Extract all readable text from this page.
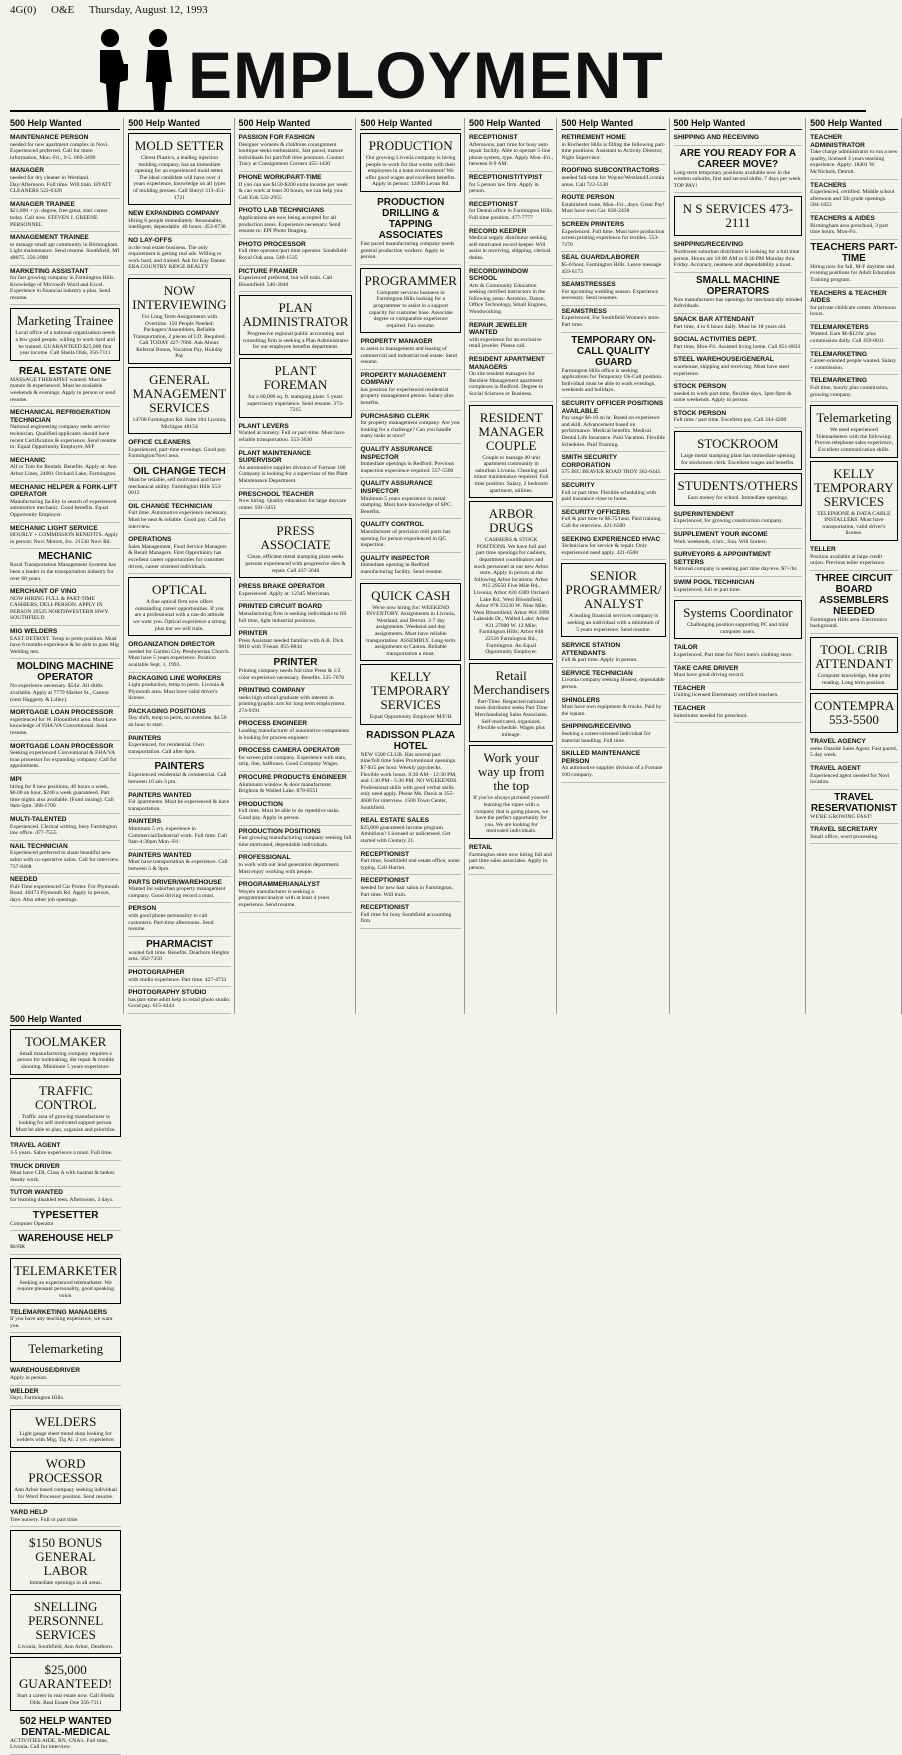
4G(0) O&E Thursday, August 12, 1993
EMPLOYMENT
500 Help Wanted
MAINTENANCE PERSON
needed for new apartment complex in Novi. Experienced preferred. Call for more information, Mon.-Fri., 9-5. 669-3490
MANAGER
needed for dry cleaner in Westland. Day/Afternoon. Full time. Will train. HYATT CLEANERS 522-0320
MANAGER TRAINEE
$21,000 + yr. degree, free great, start career today. Call now. STEVEN J. GREENE PERSONNEL
MANAGEMENT TRAINEE
to manage small apt community in Birmingham. Light maintenance. Send resume. Southfield, MI 48075. 356-2900
MARKETING ASSISTANT
for fast growing company in Farmington Hills. Knowledge of Microsoft Word and Excel. Experience in financial industry a plus. Send resume.
Marketing Trainee
Local office of a national organization needs a few good people, willing to work hard and be trained. GUARANTEED $25,000 first year income. Call Sheila Olds, 356-7111
REAL ESTATE ONE
MASSAGE THERAPIST wanted. Must be mature & experienced. Must be available weekends & evenings. Apply in person or send resume.
MECHANICAL REFRIGERATION TECHNICIAN
National engineering company seeks service technician. Qualified applicants should have recent Certification & experience. Send resume to: Equal Opportunity Employer, M/F
MECHANIC
Alf or Tom for Rentals. Benefits. Apply at: Ann Arbor Lines, 24001 Orchard Lake, Farmington.
MECHANIC HELPER & FORK-LIFT OPERATOR
Manufacturing facility in search of experienced automotive mechanic. Good benefits. Equal Opportunity Employer.
MECHANIC LIGHT SERVICE
HOURLY + COMMISSION BENEFITS. Apply in person: Novi Motors, Inc. 21530 Novi Rd.
MECHANIC
Rural Transportation Management Systems has been a leader in the transportation industry for over 60 years.
MERCHANT OF VINO
NOW HIRING FULL & PART-TIME CASHIERS, DELI-PERSON. APPLY IN PERSON 29525 NORTHWESTERN HWY. SOUTHFIELD
MIG WELDERS
EAST DETROIT. Temp to perm position. Must have 6 months experience & be able to pass Mig Welding test.
MOLDING MACHINE OPERATOR
No experience necessary. $5/hr. All shifts available. Apply at 7779 Market St., Canton (near Haggerty & Lilley).
MORTGAGE LOAN PROCESSOR
experienced for W. Bloomfield area. Must have knowledge of FHA/VA Conventional. Send resume.
MORTGAGE LOAN PROCESSOR
Seeking experienced Conventional & FHA/VA loan processor for expanding company. Call for appointment.
MPI
hiring for 8 new positions, 40 hours a week, $6.00 an hour, $240 a week guaranteed. Part time nights also available. (Fund raising). Call 9am-5pm. 360-1700
MULTI-TALENTED
Experienced. Clerical writing, busy Farmington law office. 477-7555
NAIL TECHNICIAN
Experienced preferred to share beautiful new salon with co-operative salon. Call for interview. 737-8468
NEEDED
Full-Time experienced Car Porter. For Plymouth Bond. 40473 Plymouth Rd. Apply in person, days. Also other job openings.
500 Help Wanted
MOLD SETTER
Chrest Plastics, a leading injection molding company, has an immediate opening for an experienced mold setter. The ideal candidate will have over 4 years experience, knowledge on all types of molding presses. Call Sheryl 313-451-1721
NEW EXPANDING COMPANY
Hiring 6 people immediately. Reasonable, intelligent, dependable. 40 hours. 453-6738
NO LAY-OFFS
in the real estate business. The only requirement is getting real ads. Willing to work hard, and trained. Ask for Kay Danne. ERA COUNTRY RIDGE REALTY
NOW INTERVIEWING
For Long Term Assignments with Overtime. 150 People Needed: Packagers/Assemblers, Reliable Transportation, 2 pieces of I.D. Required. Call TODAY 427-7660. Ask About: Referral Bonus, Vacation Pay, Holiday Pay
GENERAL MANAGEMENT SERVICES
14700 Farmington Rd. Suite 104 Livonia, Michigan 48154
OFFICE CLEANERS
Experienced, part-time evenings. Good pay. Farmington/Novi area.
OIL CHANGE TECH
Must be reliable, self motivated and have mechanical ability. Farmington Hills 553-0012
OIL CHANGE TECHNICIAN
Full time. Automotive experience necessary. Must be neat & reliable. Good pay. Call for interview.
OPERATIONS
Sales Management, Food Service Managers & Retail Managers. First Opportunity has excellent career opportunities for customer driven, career oriented individuals.
OPTICAL
A fine optical firm now offers outstanding career opportunities. If you are a professional with a can-do attitude we want you. Optical experience a strong plus but we will train.
ORGANIZATION DIRECTOR
needed for Garden City Presbyterian Church. Must have 5 years experience. Position available Sept. 1, 1993.
PACKAGING LINE WORKERS
Light production, temp to perm. Livonia & Plymouth area. Must have valid driver's license.
PACKAGING POSITIONS
Day shift, temp to perm, no overtime. $4.50 an hour to start.
PAINTERS
Experienced, for residential. Own transportation. Call after 6pm.
PAINTERS
Experienced residential & commercial. Call between 10 am-3 pm.
PAINTERS WANTED
For apartments. Must be experienced & have transportation.
PAINTERS
Minimum 5 yrs. experience in Commercial/Industrial work. Full time. Call 9am-4:30pm Mon.-Fri.
PAINTERS WANTED
Must have transportation & experience. Call between 5 & 9pm.
PARTS DRIVER/WAREHOUSE
Wanted for suburban property management company. Good driving record a must.
PERSON
with good phone personality to call customers. Part-time afternoons. Send resume.
PHARMACIST
wanted full time. Benefits. Dearborn Heights area. 562-7350
PHOTOGRAPHER
with studio experience. Part time. 427-4733
PHOTOGRAPHY STUDIO
has part-time adult help in retail photo studio. Good pay. 615-4444
500 Help Wanted
PASSION FOR FASHION
Designer womens & childrens consignment boutique seeks enthusiastic, fast paced, mature individuals for part/full time positions. Contact Tracy at Consignment Corners 455-1430
PHONE WORK/PART-TIME
If you can use $150-$200 extra income per week & can work at least 20 hours, we can help you. Call Erik 522-2955
PHOTO LAB TECHNICIANS
Applications are now being accepted for all production areas. Experience necessary. Send resume to: EPI Photo Imaging.
PHOTO PROCESSOR
Full time operator/part time operator. Southfield-Royal Oak area. 540-1535
PICTURE FRAMER
Experienced preferred, but will train. Call Bloomfield. 540-3040
PLAN ADMINISTRATOR
Progressive regional public accounting and consulting firm is seeking a Plan Administrator for our employee benefits department.
PLANT FOREMAN
for a 60,000 sq. ft. stamping plant. 5 years supervisory experience. Send resume. 373-7215
PLANT LEVERS
Wanted at nursery. Full or part-time. Must have reliable transportation. 553-3630
PLANT MAINTENANCE SUPERVISOR
An automotive supplier division of Fortune 100 Company is looking for a supervisor of the Plant Maintenance Department.
PRESCHOOL TEACHER
Now hiring. Quality education for large daycare center. 591-3451
PRESS ASSOCIATE
Clean, efficient metal stamping plant seeks persons experienced with progressive dies & repair. Call 437-3640
PRESS BRAKE OPERATOR
Experienced. Apply at: 12345 Merriman.
PRINTED CIRCUIT BOARD
Manufacturing firm is seeking individuals to fill full time, light industrial positions.
PRINTER
Press Assistant needed familiar with A.B. Dick 9810 with T-head. 855-8844
PRINTER
Printing company needs full time Press & 1/2 color experience necessary. Benefits. 525-7670
PRINTING COMPANY
seeks high school graduate with interest in printing/graphic arts for long term employment. 274-9191
PROCESS ENGINEER
Leading manufacturer of automotive components is looking for process engineer.
PROCESS CAMERA OPERATOR
for screen print company. Experience with stats, strip, line, halftones. Good Company Wages.
PROCURE PRODUCTS ENGINEER
Aluminum window & door manufacturer. Brighton & Walled Lake. 878-0551
PRODUCTION
Full time. Must be able to do repetitive tasks. Good pay. Apply in person.
PRODUCTION POSITIONS
Fast growing manufacturing company seeking full time motivated, dependable individuals.
PROFESSIONAL
to work with our lead generation department. Must enjoy working with people.
PROGRAMMER/ANALYST
Weyers manufacturer is seeking a programmer/analyst with at least 4 years experience. Send resume.
500 Help Wanted
PRODUCTION
Our growing Livonia company is hiring people to work for that works with their employees in a team environment! We offer good wages and excellent benefits. Apply in person: 12000 Levan Rd.
PRODUCTION DRILLING & TAPPING ASSOCIATES
Fast paced manufacturing company needs general production workers. Apply in person.
PROGRAMMER
Computer services business in Farmington Hills looking for a programmer to assist in a support capacity for customer base. Associate degree or comparable experience required. Fax resume.
PROPERTY MANAGER
to assist in management and leasing of commercial and industrial real estate. Send resume.
PROPERTY MANAGEMENT COMPANY
has position for experienced residential property management person. Salary plus benefits.
PURCHASING CLERK
for property management company. Are you looking for a challenge? Can you handle many tasks at once?
QUALITY ASSURANCE INSPECTOR
Immediate openings in Redford. Previous inspection experience required. 557-5500
QUALITY ASSURANCE INSPECTOR
Minimum 5 years experience in metal stamping. Must have knowledge of SPC. Benefits.
QUALITY CONTROL
Manufacturer of precision mill parts has opening for person experienced in QC inspection.
QUALITY INSPECTOR
Immediate opening in Redford manufacturing facility. Send resume.
QUICK CASH
We're now hiring for: WEEKEND INVENTORY. Assignments in Livonia, Westland, and Detroit. 3-7 day assignments. Weekend and day assignments. Must have reliable transportation. ASSEMBLY. Long-term assignments in Canton. Reliable transportation a must.
KELLY TEMPORARY SERVICES
Equal Opportunity Employer M/F/H
RADISSON PLAZA HOTEL
NEW 1500 CLUB. Has several part time/full time Sales Promotional openings. $7-$15 per hour. Weekly paychecks. Flexible work hours. 8:30 AM - 12:30 PM, and 1:30 PM - 5:30 PM. NO WEEKENDS. Professional skills with good verbal skills only need apply. Phone Ms. Davis at 355-4600 for interview. 1500 Town Center, Southfield.
REAL ESTATE SALES
$25,000 guaranteed income program. Ambitious? Licensed or unlicensed. Get started with Century 21.
RECEPTIONIST
Part time, Southfield real estate office, some typing. Call Harriet.
RECEPTIONIST
needed for new hair salon in Farmington, Part time. Will train.
RECEPTIONIST
Full time for busy Southfield accounting firm.
500 Help Wanted
RECEPTIONIST
Afternoons, part time for busy auto repair facility. Able to operate 5-line phone system, type. Apply Mon.-Fri., between 8-9 AM.
RECEPTIONIST/TYPIST
for 5 person law firm. Apply in person.
RECEPTIONIST
for Dental office in Farmington Hills. Full time position. 477-7777
RECORD KEEPER
Medical supply distributor seeking self-motivated record keeper. Will assist in receiving, shipping, clerical duties.
RECORD/WINDOW SCHOOL
Arts & Community Education seeking certified instructors in the following areas: Aerobics, Dance, Office Technology, Small Engines, Woodworking.
REPAIR JEWELER WANTED
with experience for an exclusive retail jeweler. Please call.
RESIDENT APARTMENT MANAGERS
On site resident managers for Bershire Management apartment complexes in Redford. Degree in Social Sciences or Business.
RESIDENT MANAGER COUPLE
Couple to manage 40 unit apartment community in suburban Livonia. Cleaning and minor maintenance required. Full time position. Salary, 2 bedroom apartment, utilities.
ARBOR DRUGS
CASHIERS & STOCK POSITIONS. We have full and part time openings for cashiers, department coordinators and stock personnel at our new Arbor store. Apply in person at the following Arbor locations: Arbor #15 29550 Five Mile Rd., Livonia; Arbor #20 4389 Orchard Lake Rd., West Bloomfield; Arbor #78 33230 W. Nine Mile, West Bloomfield; Arbor #64 3990 Lakeside Dr., Walled Lake; Arbor #21 27000 W. 12 Mile, Farmington Hills; Arbor #48 22516 Farmington Rd., Farmington. An Equal Opportunity Employer.
Retail Merchandisers
Part-Time. Respected national book distributor seeks Part Time Merchandising Sales Associates. Self-motivated, organized. Flexible schedule. Wages plus mileage.
Work your way up from the top
If you've always pictured yourself learning the ropes with a company that is going places, we have the perfect opportunity for you. We are looking for motivated individuals.
RETAIL
Farmington store now hiring full and part time sales associates. Apply in person.
500 Help Wanted
RETIREMENT HOME
in Rochester Hills is filling the following part-time positions: Assistant to Activity Director, Night Supervisor.
ROOFING SUBCONTRACTORS
needed full-time for Wayne/Westland/Livonia areas. Call 722-5130
ROUTE PERSON
Established route, Mon.-Fri., days. Great Pay! Must have own Car. 836-2438
SCREEN PRINTERS
Experienced. Full time. Must have production screen printing experience for textiles. 553-7370
SEAL GUARD/LABORER
$5-6/hour, Farmington Hills. Leave message 459-6173
SEAMSTRESSES
For upcoming wedding season. Experience necessary. Send resumes.
SEAMSTRESS
Experienced, For Southfield Women's store. Part time.
TEMPORARY ON-CALL QUALITY GUARD
Farmington Hills office is seeking applications for Temporary On-Call position. Individual must be able to work evenings, weekends and holidays.
SECURITY OFFICER POSITIONS AVAILABLE
Pay range $6-10 an hr. Based on experience and skill. Advancement based on performance. Medical benefits. Medical Dental Life Insurance. Paid Vacation. Flexible Schedules. Paid Training.
SMITH SECURITY CORPORATION
575 BIG BEAVER ROAD TROY 362-6445
SECURITY
Full or part time. Flexible scheduling with paid insurance close to home.
SECURITY OFFICERS
Full & part time to $6.75/hour. Paid training. Call for interview. 421-6500
SEEKING EXPERIENCED HVAC
Technicians for service & repair. Only experienced need apply. 421-6500
SENIOR PROGRAMMER/ ANALYST
A leading financial services company is seeking an individual with a minimum of 5 years experience. Send resume.
SERVICE STATION ATTENDANTS
Full & part time. Apply in person.
SERVICE TECHNICIAN
Livonia company seeking Honest, dependable person.
SHINGLERS
Must have own equipment & trucks. Paid by the square.
SHIPPING/RECEIVING
Seeking a career-oriented individual for material handling. Full time.
SKILLED MAINTENANCE PERSON
An automotive supplier division of a Fortune 100 company.
500 Help Wanted
SHIPPING AND RECEIVING
ARE YOU READY FOR A CAREER MOVE?
Long-term temporary positions available now in the western suburbs, first and second shifts. 7 days per week. TOP PAY!
N S SERVICES 473-2111
SHIPPING/RECEIVING
Northwest suburban distributor is looking for a full time person. Hours are 10:00 AM to 6:30 PM Monday thru Friday. Accuracy, neatness and dependability a must.
SMALL MACHINE OPERATORS
Non manufacturer has openings for mechanically minded individuals.
SNACK BAR ATTENDANT
Part time, 4 to 6 hours daily. Must be 18 years old.
SOCIAL ACTIVITIES DEPT.
Part time, Mon-Fri. Assisted living home. Call 851-8833
STEEL WAREHOUSE/GENERAL
warehouse, shipping and receiving. Must have steel experience.
STOCK PERSON
needed to work part time, flexible days, 3pm-9pm & some weekends. Apply in person.
STOCK PERSON
Full time / part time. Excellent pay. Call 344-4200
STOCKROOM
Large metal stamping plant has immediate opening for stockroom clerk. Excellent wages and benefits.
STUDENTS/OTHERS
Earn money for school. Immediate openings.
SUPERINTENDENT
Experienced, for growing construction company.
SUPPLEMENT YOUR INCOME
Work weekends, 4 hrs., Sun. Will Sorters.
SURVEYORS & APPOINTMENT SETTERS
National company is seeking part time day/eve. $7+/hr.
SWIM POOL TECHNICIAN
Experienced, full or part time.
Systems Coordinator
Challenging position supporting PC and mini computer users.
TAILOR
Experienced, Part time for Novi men's clothing store.
TAKE CARE DRIVER
Must have good driving record.
TEACHER
Uniting licensed Elementary certified teachers.
TEACHER
Substitutes needed for preschool.
500 Help Wanted
TEACHER ADMINISTRATOR
Take charge administrator to run a new quality, licensed 3 years teaching experience. Apply: 18401 W. McNichols, Detroit.
TEACHERS
Experienced, certified. Middle school afternoon and 5th grade openings. 584-1822
TEACHERS & AIDES
Birmingham area preschool, 3 part time hours, Mon-Fri.
TEACHERS PART-TIME
Hiring now for fall, M-F daytime and evening positions for Adult Education Training program.
TEACHERS & TEACHER AIDES
for private childcare center. Afternoon hours.
TELEMARKETERS
Wanted. Earn $6-$12/hr. plus commission daily. Call 459-0011
TELEMARKETING
Career-oriented people wanted. Salary + commission.
TELEMARKETING
Full time, hourly plus commission, growing company.
Telemarketing
We need experienced Telemarketers with the following: Proven telephone sales experience, Excellent communication skills.
KELLY TEMPORARY SERVICES
TELEPHONE & DATA CABLE INSTALLERS. Must have transportation, valid driver's license.
TELLER
Position available at large credit union. Previous teller experience.
THREE CIRCUIT BOARD ASSEMBLERS NEEDED
Farmington Hills area. Electronics background.
TOOL CRIB ATTENDANT
Computer knowledge, blue print reading. Long term position.
CONTEMPRA 553-5500
TRAVEL AGENCY
seeks Outside Sales Agent. Fast paced, 5 day week.
TRAVEL AGENT
Experienced agent needed for Novi location.
TRAVEL RESERVATIONIST
WE'RE GROWING FAST!
TRAVEL SECRETARY
Small office, word processing.
500 Help Wanted
TOOLMAKER
Small manufacturing company requires a person for toolmaking, die repair & trouble shooting. Minimum 5 years experience.
TRAFFIC CONTROL
Traffic area of growing manufacturer is looking for self motivated support person. Must be able to plan, organize and prioritize.
TRAVEL AGENT
3-5 years. Sabre experience a must. Full time.
TRUCK DRIVER
Must have CDL Class A with hazmat & tanker. Steady work.
TUTOR WANTED
for learning disabled teen. Afternoons, 3 days.
TYPESETTER
Computer Operator
WAREHOUSE HELP
$6/HR
TELEMARKETER
Seeking an experienced telemarketer. We require pleasant personality, good speaking voice.
TELEMARKETING MANAGERS
If you have any teaching experience, we want you.
Telemarketing
WAREHOUSE/DRIVER
Apply in person.
WELDER
Days, Farmington Hills.
WELDERS
Light gauge sheet metal shop looking for welders with Mig, Tig Al. 2 yrs. experience.
WORD PROCESSOR
Ann Arbor based company seeking individual for Word Processor position. Send resume.
YARD HELP
Tree nursery. Full or part time.
$150 BONUS GENERAL LABOR
Immediate openings in all areas.
SNELLING PERSONNEL SERVICES
Livonia, Southfield, Ann Arbor, Dearborn.
$25,000 GUARANTEED!
Start a career in real estate now. Call Sheila Olds. Real Estate One 356-7111
502 HELP WANTED DENTAL-MEDICAL
ACTIVITIES AIDE, RN, CNA's. Full time, Livonia. Call for interview.
